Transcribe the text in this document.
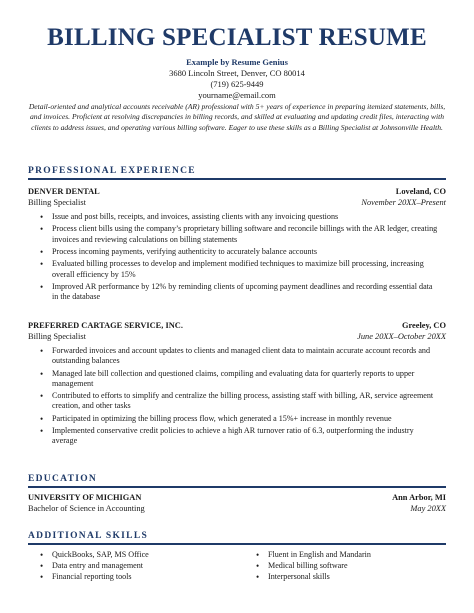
BILLING SPECIALIST RESUME
Example by Resume Genius
3680 Lincoln Street, Denver, CO 80014
(719) 625-9449
yourname@email.com
Detail-oriented and analytical accounts receivable (AR) professional with 5+ years of experience in preparing itemized statements, bills, and invoices. Proficient at resolving discrepancies in billing records, and skilled at evaluating and updating credit files, interacting with clients to address issues, and operating various billing software. Eager to use these skills as a Billing Specialist at Johnsonville Health.
PROFESSIONAL EXPERIENCE
DENVER DENTAL	Loveland, CO
Billing Specialist	November 20XX–Present
• Issue and post bills, receipts, and invoices, assisting clients with any invoicing questions
• Process client bills using the company’s proprietary billing software and reconcile billings with the AR ledger, creating invoices and reviewing calculations on billing statements
• Process incoming payments, verifying authenticity to accurately balance accounts
• Evaluated billing processes to develop and implement modified techniques to maximize bill processing, increasing overall efficiency by 15%
• Improved AR performance by 12% by reminding clients of upcoming payment deadlines and recording essential data in the database
PREFERRED CARTAGE SERVICE, INC.	Greeley, CO
Billing Specialist	June 20XX–October 20XX
• Forwarded invoices and account updates to clients and managed client data to maintain accurate account records and outstanding balances
• Managed late bill collection and questioned claims, compiling and evaluating data for quarterly reports to upper management
• Contributed to efforts to simplify and centralize the billing process, assisting staff with billing, AR, service agreement creation, and other tasks
• Participated in optimizing the billing process flow, which generated a 15%+ increase in monthly revenue
• Implemented conservative credit policies to achieve a high AR turnover ratio of 6.3, outperforming the industry average
EDUCATION
UNIVERSITY OF MICHIGAN	Ann Arbor, MI
Bachelor of Science in Accounting	May 20XX
ADDITIONAL SKILLS
• QuickBooks, SAP, MS Office
• Data entry and management
• Financial reporting tools
• Fluent in English and Mandarin
• Medical billing software
• Interpersonal skills
